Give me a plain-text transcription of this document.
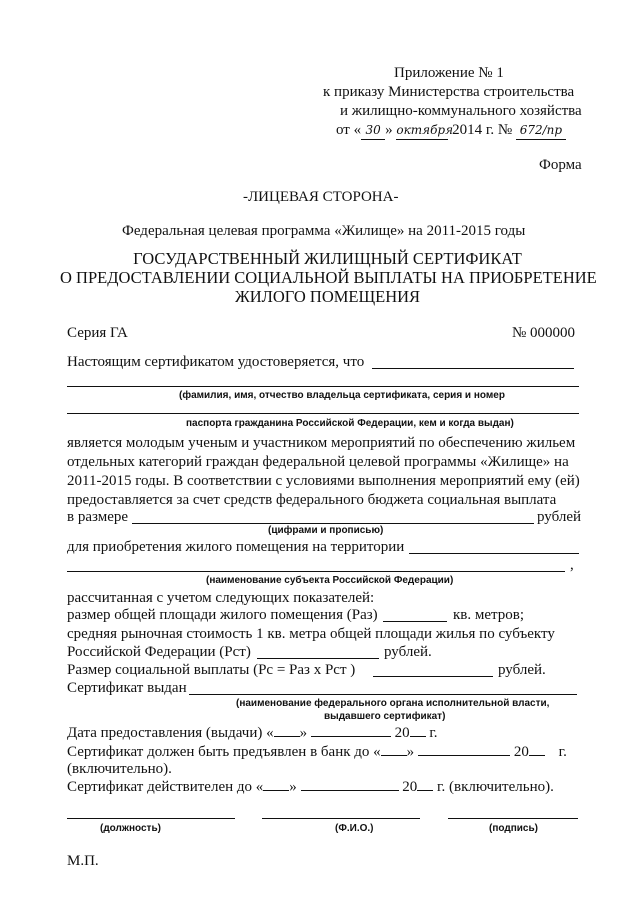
Приложение № 1
к приказу Министерства строительства
и жилищно-коммунального хозяйства
от « 30 » октября 2014 г. № 672/пр
Форма
-ЛИЦЕВАЯ СТОРОНА-
Федеральная целевая программа «Жилище» на 2011-2015 годы
ГОСУДАРСТВЕННЫЙ ЖИЛИЩНЫЙ СЕРТИФИКАТ
О ПРЕДОСТАВЛЕНИИ СОЦИАЛЬНОЙ ВЫПЛАТЫ НА ПРИОБРЕТЕНИЕ
ЖИЛОГО ПОМЕЩЕНИЯ
Серия ГА	№ 000000
Настоящим сертификатом удостоверяется, что
(фамилия, имя, отчество владельца сертификата, серия и номер
паспорта гражданина Российской Федерации, кем и когда выдан)
является молодым ученым и участником мероприятий по обеспечению жильем
отдельных категорий граждан федеральной целевой программы «Жилище» на
2011-2015 годы. В соответствии с условиями выполнения мероприятий ему (ей)
предоставляется за счет средств федерального бюджета социальная выплата
в размере	рублей
(цифрами и прописью)
для приобретения жилого помещения на территории
,
(наименование субъекта Российской Федерации)
рассчитанная с учетом следующих показателей:
размер общей площади жилого помещения (Раз)	кв. метров;
средняя рыночная стоимость 1 кв. метра общей площади жилья по субъекту
Российской Федерации (Рст)	рублей.
Размер социальной выплаты (Рс = Раз х Рст )	рублей.
Сертификат выдан
(наименование федерального органа исполнительной власти,
выдавшего сертификат)
Дата предоставления (выдачи) « »	20 г.
Сертификат должен быть предъявлен в банк до « »	20 г.
(включительно).
Сертификат действителен до « »	20 г. (включительно).
(должность)	(Ф.И.О.)	(подпись)
М.П.
